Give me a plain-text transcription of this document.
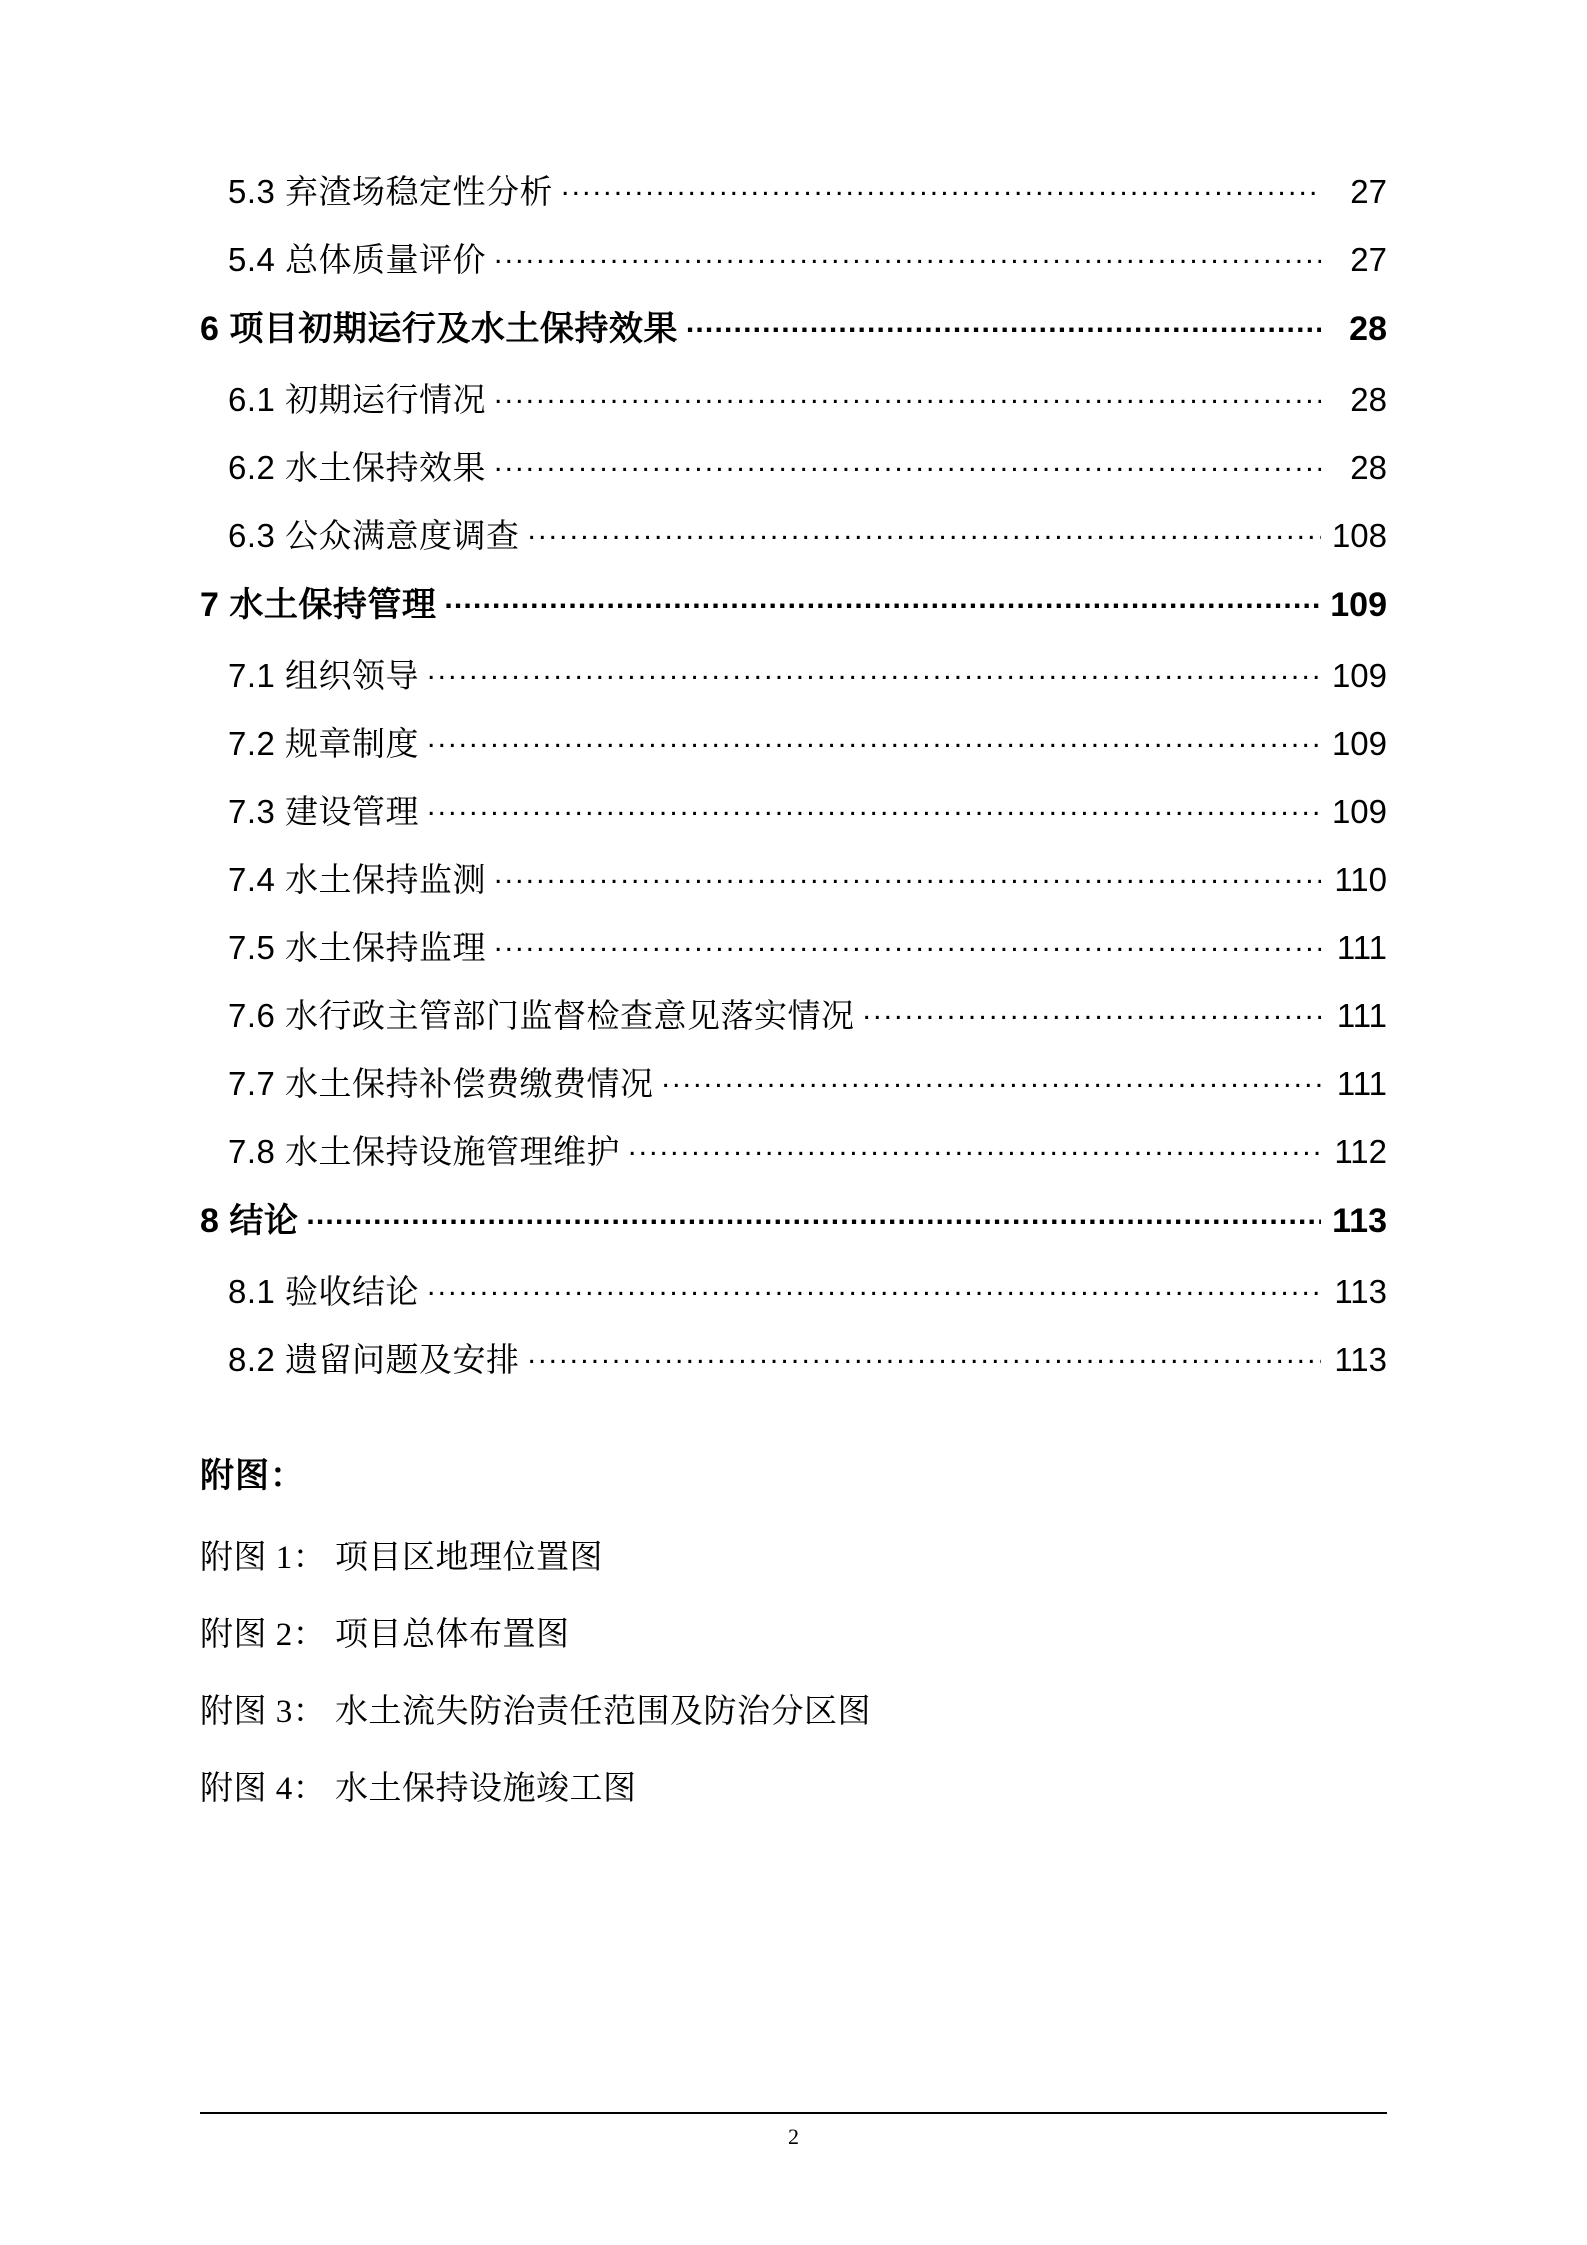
5.3 弃渣场稳定性分析 .....	27
5.4 总体质量评价 .....	27
6 项目初期运行及水土保持效果 .....	28
6.1 初期运行情况 .....	28
6.2 水土保持效果 .....	28
6.3 公众满意度调查 .....	108
7 水土保持管理 .....	109
7.1 组织领导 .....	109
7.2 规章制度 .....	109
7.3 建设管理 .....	109
7.4 水土保持监测 .....	110
7.5 水土保持监理 .....	111
7.6 水行政主管部门监督检查意见落实情况 .....	111
7.7 水土保持补偿费缴费情况 .....	111
7.8 水土保持设施管理维护 .....	112
8 结论 .....	113
8.1 验收结论 .....	113
8.2 遗留问题及安排 .....	113
附图：
附图 1： 项目区地理位置图
附图 2： 项目总体布置图
附图 3： 水土流失防治责任范围及防治分区图
附图 4： 水土保持设施竣工图
2
